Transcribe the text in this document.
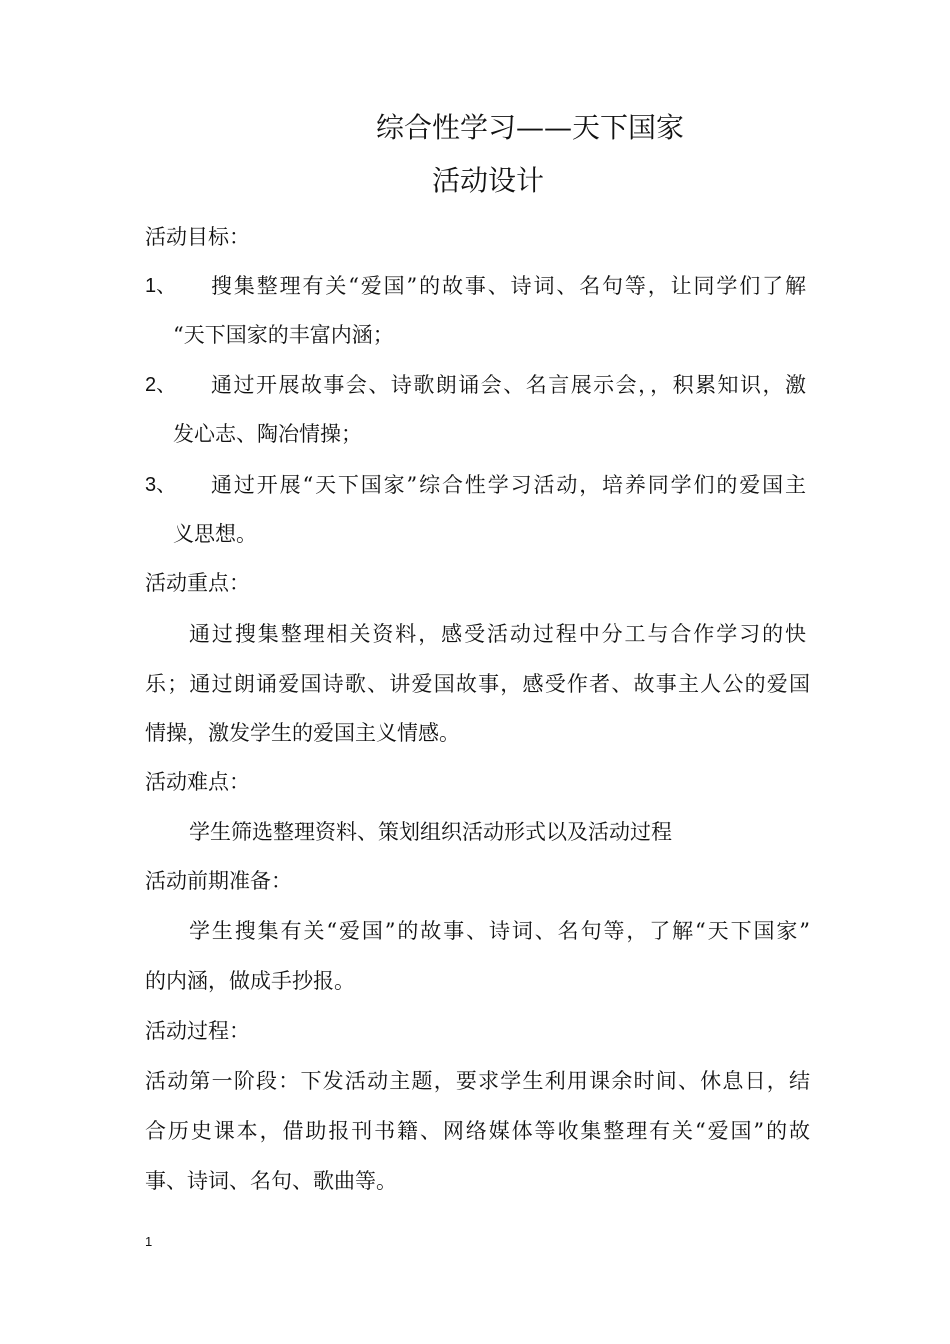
综合性学习——天下国家
活动设计
活动目标：
1、 搜集整理有关“爱国”的故事、诗词、名句等，让同学们了解
“天下国家的丰富内涵；
2、 通过开展故事会、诗歌朗诵会、名言展示会，，积累知识，激
发心志、陶冶情操；
3、 通过开展“天下国家”综合性学习活动，培养同学们的爱国主
义思想。
活动重点：
通过搜集整理相关资料，感受活动过程中分工与合作学习的快
乐；通过朗诵爱国诗歌、讲爱国故事，感受作者、故事主人公的爱国
情操，激发学生的爱国主义情感。
活动难点：
学生筛选整理资料、策划组织活动形式以及活动过程
活动前期准备：
学生搜集有关“爱国”的故事、诗词、名句等，了解“天下国家”
的内涵，做成手抄报。
活动过程：
活动第一阶段：下发活动主题，要求学生利用课余时间、休息日，结
合历史课本，借助报刊书籍、网络媒体等收集整理有关“爱国”的故
事、诗词、名句、歌曲等。
1
